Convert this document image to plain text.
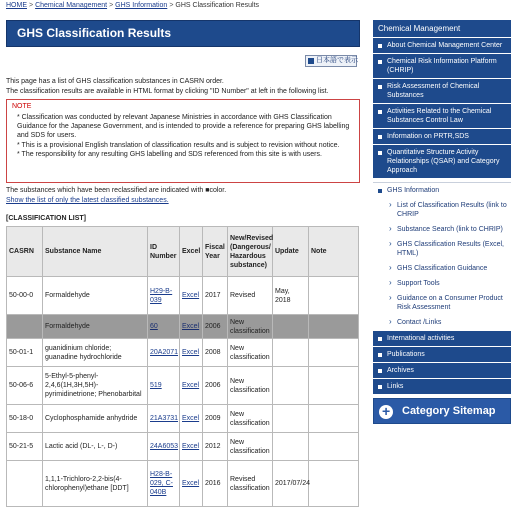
HOME > Chemical Management > GHS Information > GHS Classification Results
GHS Classification Results
日本語で表示
This page has a list of GHS classification substances in CASRN order.
The classification results are available in HTML format by clicking "ID Number" at left in the following list.
NOTE
* Classification was conducted by relevant Japanese Ministries in accordance with GHS Classification Guidance for the Japanese Government, and is intended to provide a reference for preparing GHS labelling and SDS for users.
* This is a provisional English translation of classification results and is subject to revision without notice.
* The responsibility for any resulting GHS labelling and SDS referenced from this site is with users.
The substances which have been reclassified are indicated with ■color.
Show the list of only the latest classified substances.
[CLASSIFICATION LIST]
CASRN	Substance Name	ID Number	Excel	Fiscal Year	New/Revised (Dangerous/ Hazardous substance)	Update	Note
50-00-0	Formaldehyde	H29-B-039	Excel	2017	Revised	May, 2018	
	Formaldehyde	60	Excel	2006	New classification		
50-01-1	guanidinium chloride; guanadine hydrochloride	20A2071	Excel	2008	New classification		
50-06-6	5-Ethyl-5-phenyl-2,4,6(1H,3H,5H)-pyrimidinetrione; Phenobarbital	519	Excel	2006	New classification		
50-18-0	Cyclophosphamide anhydride	21A3731	Excel	2009	New classification		
50-21-5	Lactic acid (DL-, L-, D-)	24A6053	Excel	2012	New classification		
	1,1,1-Trichloro-2,2-bis(4-chlorophenyl)ethane [DDT]	H28-B-029, C-040B	Excel	2016	Revised classification	2017/07/24	
Chemical Management
About Chemical Management Center
Chemical Risk Information Platform (CHRIP)
Risk Assessment of Chemical Substances
Activities Related to the Chemical Substances Control Law
Information on PRTR,SDS
Quantitative Structure Activity Relationships (QSAR) and Category Approach
GHS Information
› List of Classification Results (link to CHRIP
› Substance Search (link to CHRIP)
› GHS Classification Results (Excel, HTML)
› GHS Classification Guidance
› Support Tools
› Guidance on a Consumer Product Risk Assessment
› Contact /Links
International activities
Publications
Archives
Links
+
Category Sitemap
